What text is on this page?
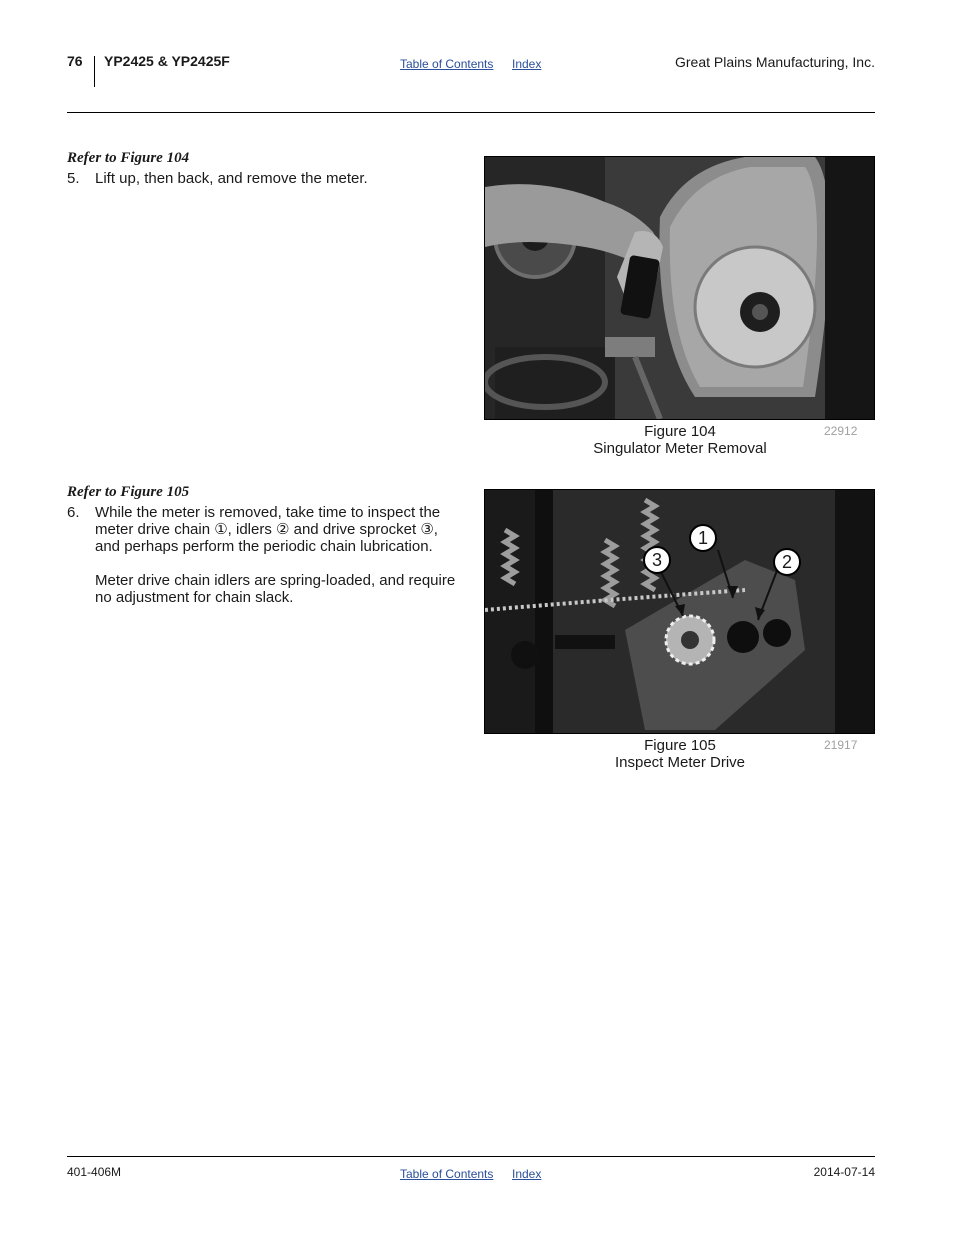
76 YP2425 & YP2425F	Table of Contents Index	Great Plains Manufacturing, Inc.
Refer to Figure 104
5.	Lift up, then back, and remove the meter.
Figure 104
Singulator Meter Removal
22912
Refer to Figure 105
6.	While the meter is removed, take time to inspect the meter drive chain ①, idlers ② and drive sprocket ③, and perhaps perform the periodic chain lubrication.
Meter drive chain idlers are spring-loaded, and require no adjustment for chain slack.
1
2
3
Figure 105
Inspect Meter Drive
21917
401-406M	Table of Contents Index	2014-07-14
